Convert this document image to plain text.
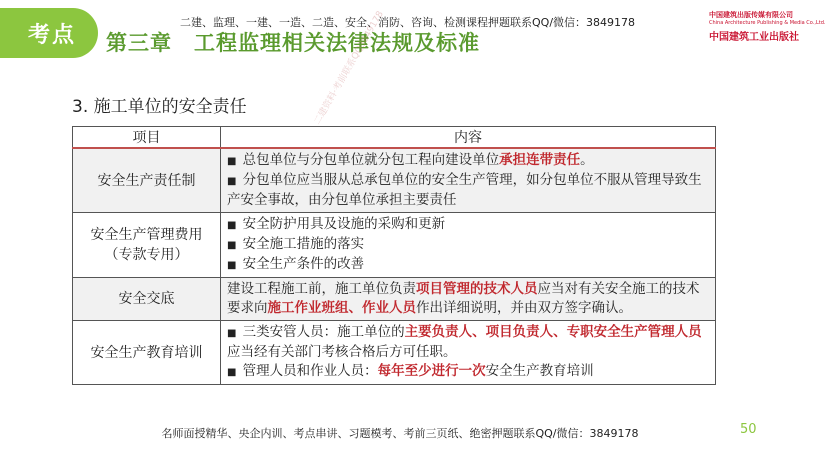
考点	第三章　工程监理相关法律法规及标准
二建、监理、一建、一造、二造、安全、消防、咨询、检测课程押题联系QQ/微信：3849178
中国建筑出版传媒有限公司
China Architecture Publishing & Media Co.,Ltd.
中国建筑工业出版社
3. 施工单位的安全责任	二建资料·考前联系QQ3849178
项目	内容
安全生产责任制	■ 总包单位与分包单位就分包工程向建设单位承担连带责任。
■ 分包单位应当服从总承包单位的安全生产管理，如分包单位不服从管理导致生产安全事故，由分包单位承担主要责任

安全生产管理费用（专款专用）	■ 安全防护用具及设施的采购和更新
■ 安全施工措施的落实
■ 安全生产条件的改善

安全交底	建设工程施工前，施工单位负责项目管理的技术人员应当对有关安全施工的技术要求向施工作业班组、作业人员作出详细说明，并由双方签字确认。

安全生产教育培训	■ 三类安管人员：施工单位的主要负责人、项目负责人、专职安全生产管理人员应当经有关部门考核合格后方可任职。
■ 管理人员和作业人员：每年至少进行一次安全生产教育培训
名师面授精华、央企内训、考点串讲、习题模考、考前三页纸、绝密押题联系QQ/微信：3849178	50
